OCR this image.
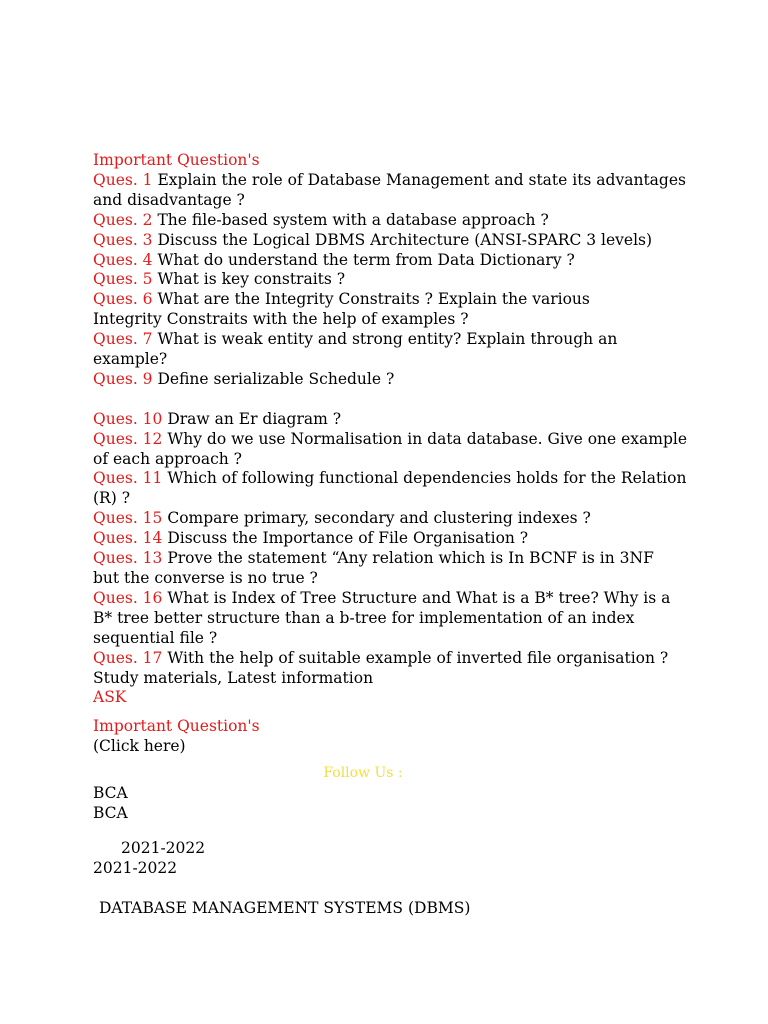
Important Question's
Ques. 1 Explain the role of Database Management and state its advantages and disadvantage ?
Ques. 2 The file-based system with a database approach ?
Ques. 3 Discuss the Logical DBMS Architecture (ANSI-SPARC 3 levels)
Ques. 4 What do understand the term from Data Dictionary ?
Ques. 5 What is key constraits ?
Ques. 6 What are the Integrity Constraits ? Explain the various
Integrity Constraits with the help of examples ?
Ques. 7 What is weak entity and strong entity? Explain through an example?
Ques. 9 Define serializable Schedule ?
Ques. 10 Draw an Er diagram ?
Ques. 12 Why do we use Normalisation in data database. Give one example of each approach ?
Ques. 11 Which of following functional dependencies holds for the Relation (R) ?
Ques. 15 Compare primary, secondary and clustering indexes ?
Ques. 14 Discuss the Importance of File Organisation ?
Ques. 13 Prove the statement “Any relation which is In BCNF is in 3NF
but the converse is no true ?
Ques. 16 What is Index of Tree Structure and What is a B* tree? Why is a B* tree better structure than a b-tree for implementation of an index sequential file ?
Ques. 17 With the help of suitable example of inverted file organisation ?
Study materials, Latest information
ASK
Important Question's
(Click here)
Follow Us :
BCA
BCA
2021-2022
2021-2022
DATABASE MANAGEMENT SYSTEMS (DBMS)
